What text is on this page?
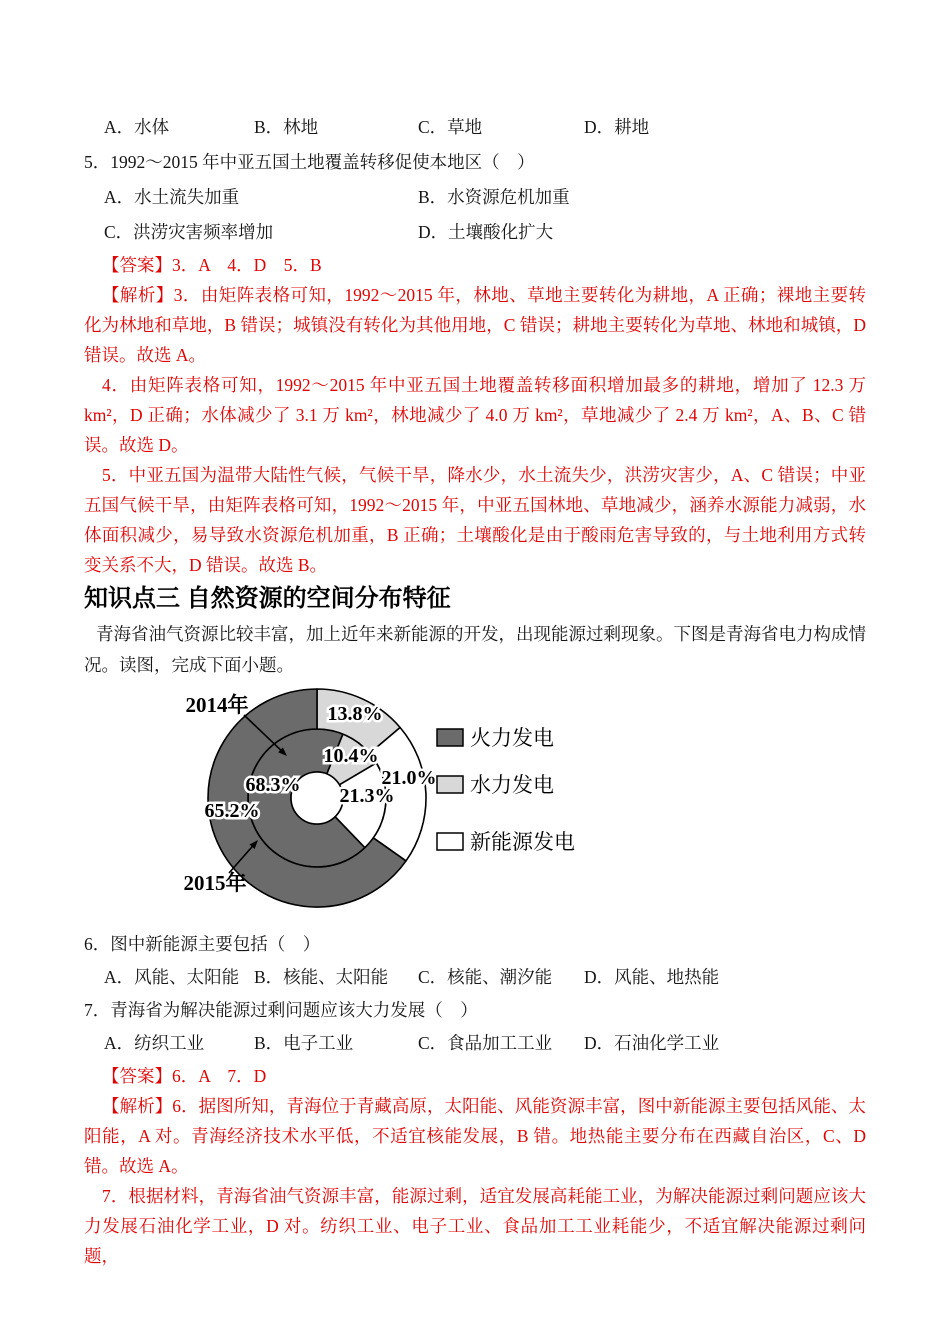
A．水体	B．林地	C．草地	D．耕地

5．1992～2015 年中亚五国土地覆盖转移促使本地区（　）

A．水土流失加重	B．水资源危机加重
C．洪涝灾害频率增加	D．土壤酸化扩大

【答案】3．A　4．D　5．B

【解析】3．由矩阵表格可知，1992～2015 年，林地、草地主要转化为耕地，A 正确；裸地主要转化为林地和草地，B 错误；城镇没有转化为其他用地，C 错误；耕地主要转化为草地、林地和城镇，D 错误。故选 A。

4．由矩阵表格可知，1992～2015 年中亚五国土地覆盖转移面积增加最多的耕地，增加了 12.3 万 km²，D 正确；水体减少了 3.1 万 km²，林地减少了 4.0 万 km²，草地减少了 2.4 万 km²，A、B、C 错误。故选 D。

5．中亚五国为温带大陆性气候，气候干旱，降水少，水土流失少，洪涝灾害少，A、C 错误；中亚五国气候干旱，由矩阵表格可知，1992～2015 年，中亚五国林地、草地减少，涵养水源能力减弱，水体面积减少，易导致水资源危机加重，B 正确；土壤酸化是由于酸雨危害导致的，与土地利用方式转变关系不大，D 错误。故选 B。

知识点三 自然资源的空间分布特征

青海省油气资源比较丰富，加上近年来新能源的开发，出现能源过剩现象。下图是青海省电力构成情况。读图，完成下面小题。

13.8%
10.4%
21.0%
21.3%
68.3%
65.2%
2014年
2015年
火力发电
水力发电
新能源发电

6．图中新能源主要包括（　）

A．风能、太阳能 B．核能、太阳能 C．核能、潮汐能 D．风能、地热能

7．青海省为解决能源过剩问题应该大力发展（　）

A．纺织工业	B．电子工业	C．食品加工工业 D．石油化学工业

【答案】6．A　7．D

【解析】6．据图所知，青海位于青藏高原，太阳能、风能资源丰富，图中新能源主要包括风能、太阳能，A 对。青海经济技术水平低，不适宜核能发展，B 错。地热能主要分布在西藏自治区，C、D 错。故选 A。

7．根据材料，青海省油气资源丰富，能源过剩，适宜发展高耗能工业，为解决能源过剩问题应该大力发展石油化学工业，D 对。纺织工业、电子工业、食品加工工业耗能少，不适宜解决能源过剩问题，
